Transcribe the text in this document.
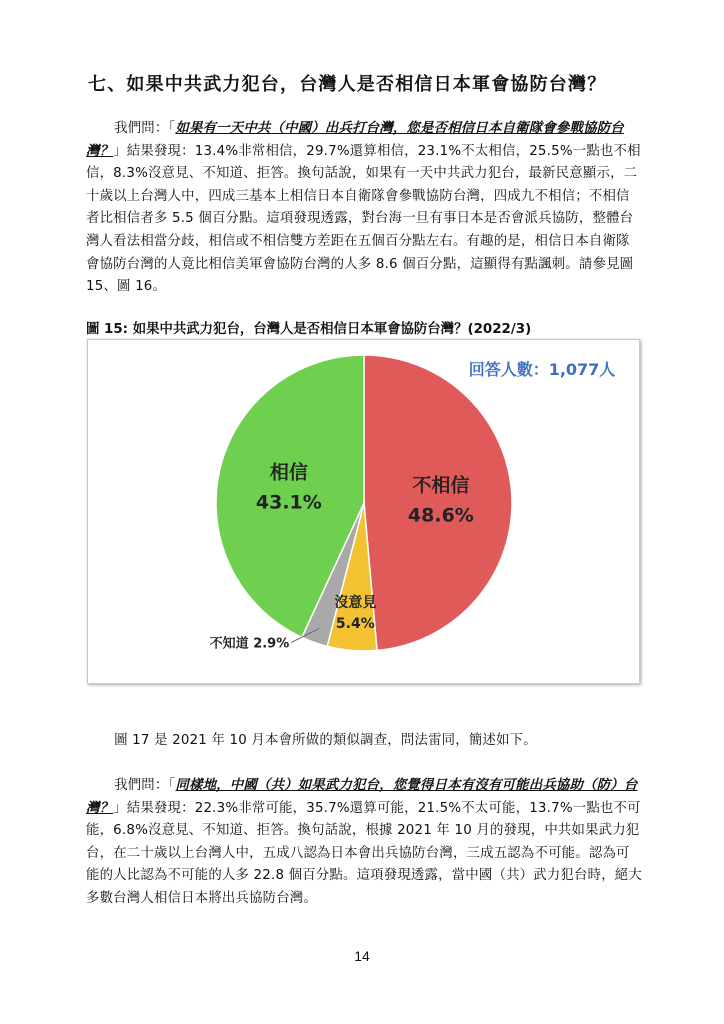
七、如果中共武力犯台，台灣人是否相信日本軍會協防台灣？

我們問：「如果有一天中共（中國）出兵打台灣，您是否相信日本自衛隊會參戰協防台灣？」結果發現：13.4%非常相信，29.7%還算相信，23.1%不太相信，25.5%一點也不相信，8.3%沒意見、不知道、拒答。換句話說，如果有一天中共武力犯台，最新民意顯示，二十歲以上台灣人中，四成三基本上相信日本自衛隊會參戰協防台灣，四成九不相信；不相信者比相信者多 5.5 個百分點。這項發現透露，對台海一旦有事日本是否會派兵協防，整體台灣人看法相當分歧，相信或不相信雙方差距在五個百分點左右。有趣的是，相信日本自衛隊會協防台灣的人竟比相信美軍會協防台灣的人多 8.6 個百分點，這顯得有點諷刺。請參見圖 15、圖 16。

圖 15: 如果中共武力犯台，台灣人是否相信日本軍會協防台灣？(2022/3)

不相信
48.6%
相信
43.1%
沒意見
5.4%
不知道 2.9%
回答人數：1,077人

圖 17 是 2021 年 10 月本會所做的類似調查，問法雷同，簡述如下。

我們問：「同樣地，中國（共）如果武力犯台，您覺得日本有沒有可能出兵協助（防）台灣？」結果發現：22.3%非常可能，35.7%還算可能，21.5%不太可能，13.7%一點也不可能，6.8%沒意見、不知道、拒答。換句話說，根據 2021 年 10 月的發現，中共如果武力犯台，在二十歲以上台灣人中，五成八認為日本會出兵協防台灣，三成五認為不可能。認為可能的人比認為不可能的人多 22.8 個百分點。這項發現透露，當中國（共）武力犯台時，絕大多數台灣人相信日本將出兵協防台灣。

14
